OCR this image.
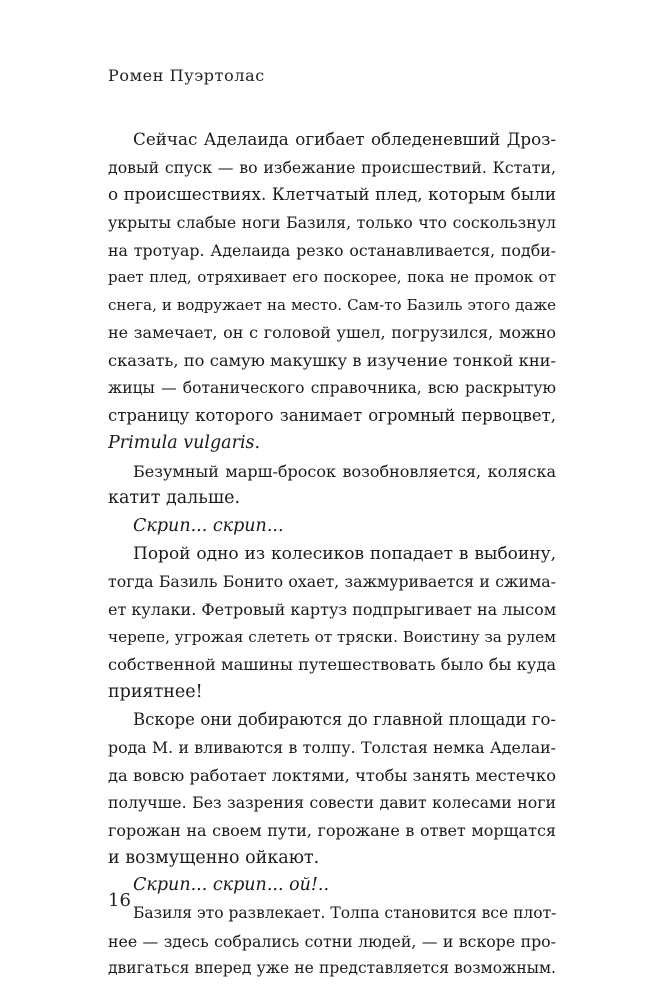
Ромен Пуэртолас
Сейчас Аделаида огибает обледеневший Дроз-
довый спуск — во избежание происшествий. Кстати,
о происшествиях. Клетчатый плед, которым были
укрыты слабые ноги Базиля, только что соскользнул
на тротуар. Аделаида резко останавливается, подби-
рает плед, отряхивает его поскорее, пока не промок от
снега, и водружает на место. Сам-то Базиль этого даже
не замечает, он с головой ушел, погрузился, можно
сказать, по самую макушку в изучение тонкой кни-
жицы — ботанического справочника, всю раскрытую
страницу которого занимает огромный первоцвет,
Primula vulgaris.
Безумный марш-бросок возобновляется, коляска
катит дальше.
Скрип... скрип...
Порой одно из колесиков попадает в выбоину,
тогда Базиль Бонито охает, зажмуривается и сжима-
ет кулаки. Фетровый картуз подпрыгивает на лысом
черепе, угрожая слететь от тряски. Воистину за рулем
собственной машины путешествовать было бы куда
приятнее!
Вскоре они добираются до главной площади го-
рода М. и вливаются в толпу. Толстая немка Аделаи-
да вовсю работает локтями, чтобы занять местечко
получше. Без зазрения совести давит колесами ноги
горожан на своем пути, горожане в ответ морщатся
и возмущенно ойкают.
Скрип... скрип... ой!..
Базиля это развлекает. Толпа становится все плот-
нее — здесь собрались сотни людей, — и вскоре про-
двигаться вперед уже не представляется возможным.
16
